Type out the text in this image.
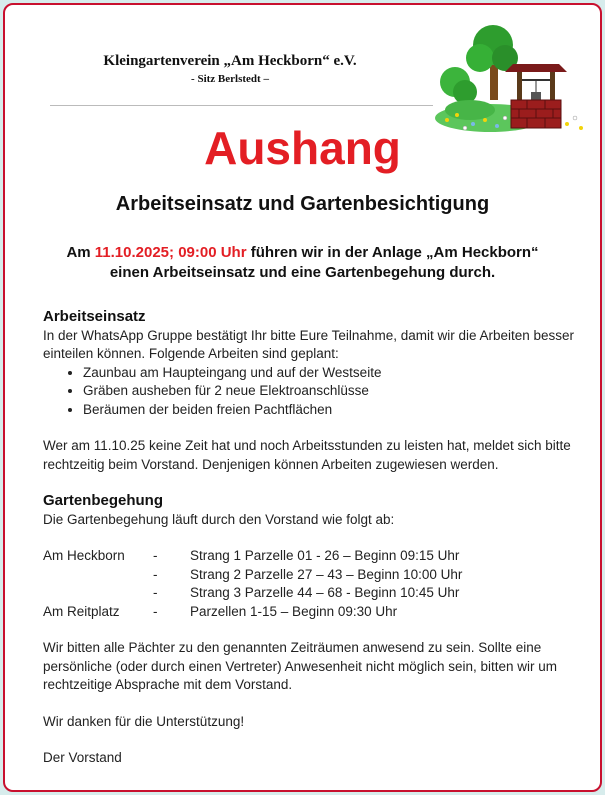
Kleingartenverein „Am Heckborn“ e.V.
- Sitz Berlstedt –
Aushang
Arbeitseinsatz und Gartenbesichtigung
Am 11.10.2025; 09:00 Uhr führen wir in der Anlage „Am Heckborn“ einen Arbeitseinsatz und eine Gartenbegehung durch.
Arbeitseinsatz
In der WhatsApp Gruppe bestätigt Ihr bitte Eure Teilnahme, damit wir die Arbeiten besser einteilen können. Folgende Arbeiten sind geplant:
• Zaunbau am Haupteingang und auf der Westseite
• Gräben ausheben für 2 neue Elektroanschlüsse
• Beräumen der beiden freien Pachtflächen
Wer am 11.10.25 keine Zeit hat und noch Arbeitsstunden zu leisten hat, meldet sich bitte rechtzeitig beim Vorstand. Denjenigen können Arbeiten zugewiesen werden.
Gartenbegehung
Die Gartenbegehung läuft durch den Vorstand wie folgt ab:
Am Heckborn	-	Strang 1 Parzelle 01 - 26 – Beginn 09:15 Uhr
	-	Strang 2 Parzelle 27 – 43 – Beginn 10:00 Uhr
	-	Strang 3 Parzelle 44 – 68 - Beginn 10:45 Uhr
Am Reitplatz	-	Parzellen 1-15 – Beginn 09:30 Uhr
Wir bitten alle Pächter zu den genannten Zeiträumen anwesend zu sein. Sollte eine persönliche (oder durch einen Vertreter) Anwesenheit nicht möglich sein, bitten wir um rechtzeitige Absprache mit dem Vorstand.
Wir danken für die Unterstützung!
Der Vorstand
